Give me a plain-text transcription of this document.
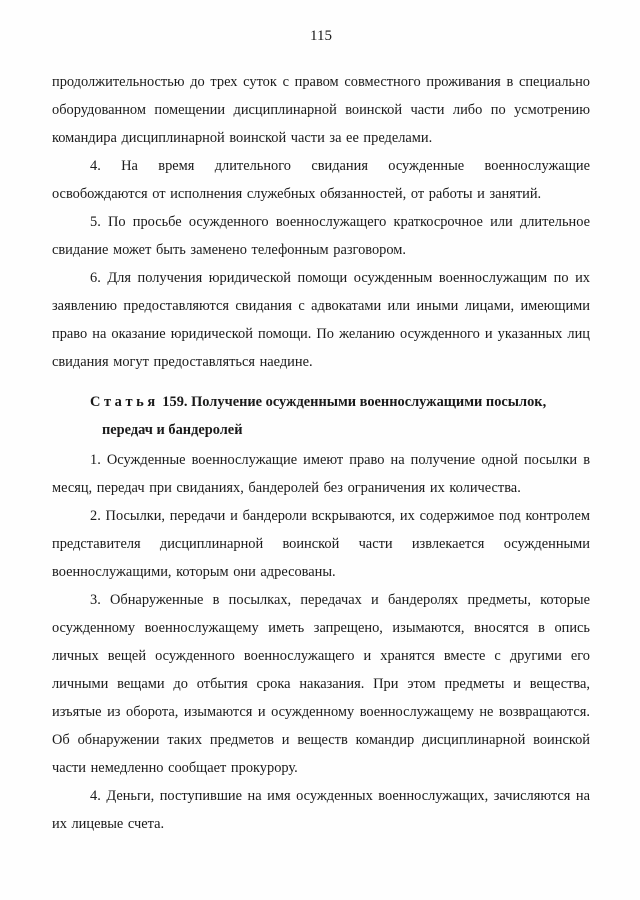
115

продолжительностью до трех суток с правом совместного проживания в специально оборудованном помещении дисциплинарной воинской части либо по усмотрению командира дисциплинарной воинской части за ее пределами.

4. На время длительного свидания осужденные военнослужащие освобождаются от исполнения служебных обязанностей, от работы и занятий.

5. По просьбе осужденного военнослужащего краткосрочное или длительное свидание может быть заменено телефонным разговором.

6. Для получения юридической помощи осужденным военнослужащим по их заявлению предоставляются свидания с адвокатами или иными лицами, имеющими право на оказание юридической помощи. По желанию осужденного и указанных лиц свидания могут предоставляться наедине.

С т а т ь я  159. Получение осужденными военнослужащими посылок, передач и бандеролей

1. Осужденные военнослужащие имеют право на получение одной посылки в месяц, передач при свиданиях, бандеролей без ограничения их количества.

2. Посылки, передачи и бандероли вскрываются, их содержимое под контролем представителя дисциплинарной воинской части извлекается осужденными военнослужащими, которым они адресованы.

3. Обнаруженные в посылках, передачах и бандеролях предметы, которые осужденному военнослужащему иметь запрещено, изымаются, вносятся в опись личных вещей осужденного военнослужащего и хранятся вместе с другими его личными вещами до отбытия срока наказания. При этом предметы и вещества, изъятые из оборота, изымаются и осужденному военнослужащему не возвращаются. Об обнаружении таких предметов и веществ командир дисциплинарной воинской части немедленно сообщает прокурору.

4. Деньги, поступившие на имя осужденных военнослужащих, зачисляются на их лицевые счета.
